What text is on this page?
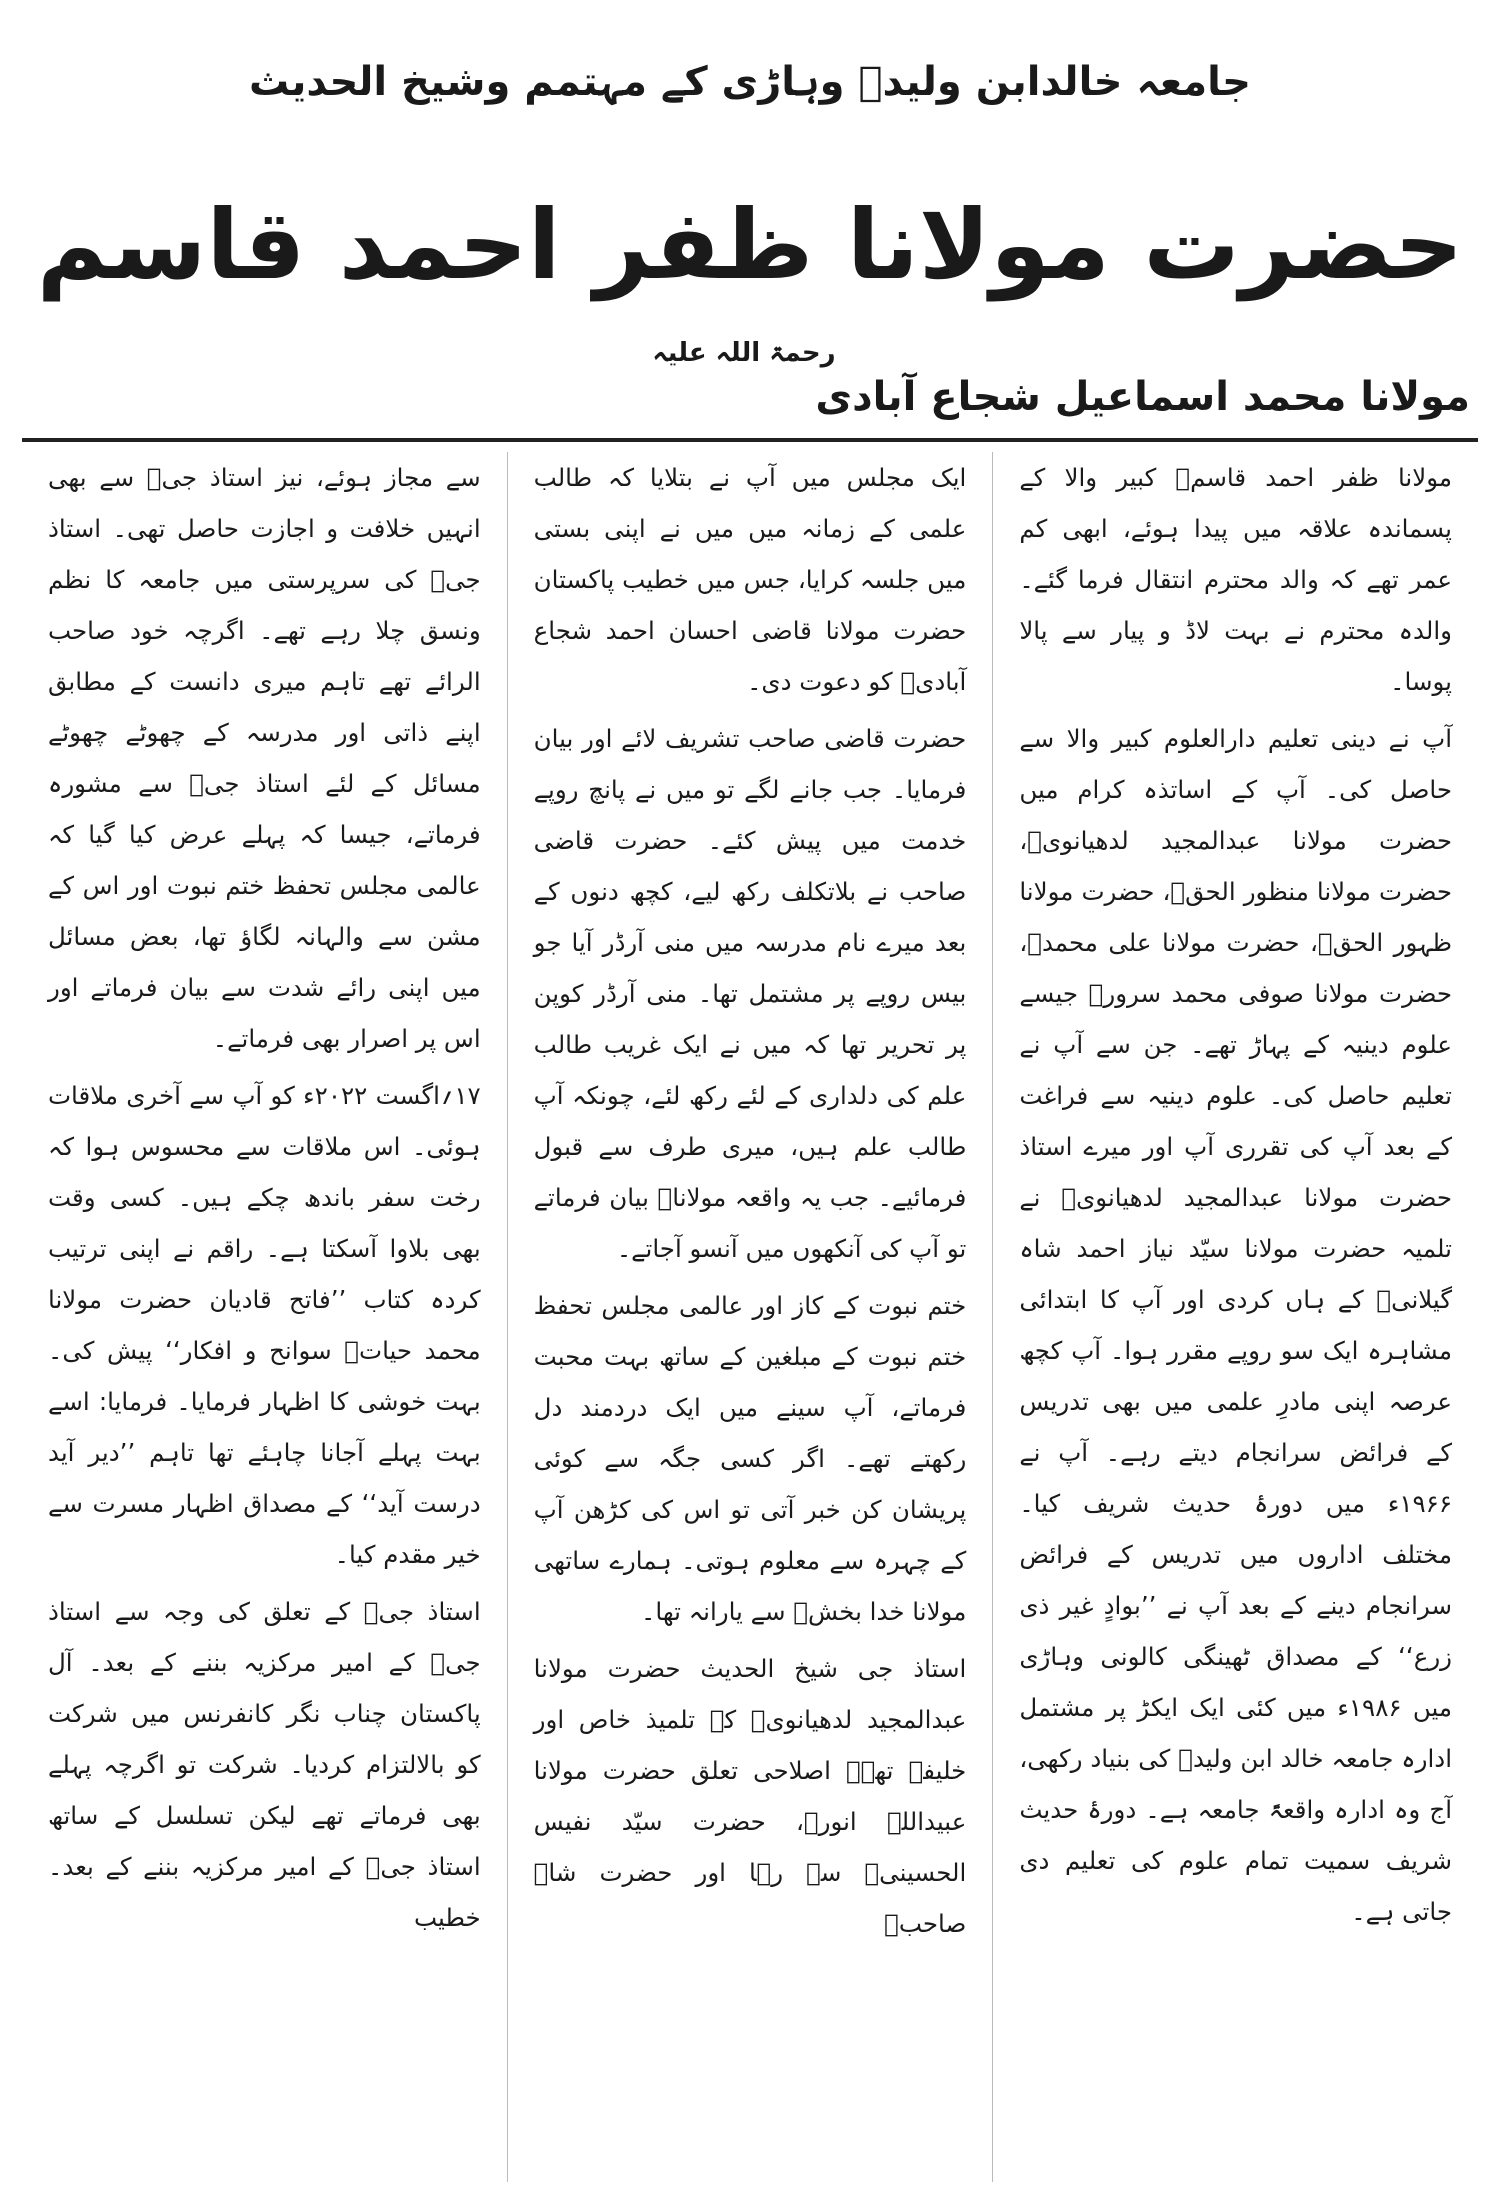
جامعہ خالدابن ولیدؓ وہاڑی کے مہتمم وشیخ الحدیث
حضرت مولانا ظفر احمد قاسمرحمۃ اللہ علیہ
مولانا محمد اسماعیل شجاع آبادی

مولانا ظفر احمد قاسمؒ کبیر والا کے پسماندہ علاقہ میں پیدا ہوئے، ابھی کم عمر تھے کہ والد محترم انتقال فرما گئے۔ والدہ محترم نے بہت لاڈ و پیار سے پالا پوسا۔

آپ نے دینی تعلیم دارالعلوم کبیر والا سے حاصل کی۔ آپ کے اساتذہ کرام میں حضرت مولانا عبدالمجید لدھیانویؒ، حضرت مولانا منظور الحقؒ، حضرت مولانا ظہور الحقؒ، حضرت مولانا علی محمدؒ، حضرت مولانا صوفی محمد سرورؒ جیسے علوم دینیہ کے پہاڑ تھے۔ جن سے آپ نے تعلیم حاصل کی۔ علوم دینیہ سے فراغت کے بعد آپ کی تقرری آپ اور میرے استاذ حضرت مولانا عبدالمجید لدھیانویؒ نے تلمیہ حضرت مولانا سیّد نیاز احمد شاہ گیلانیؒ کے ہاں کردی اور آپ کا ابتدائی مشاہرہ ایک سو روپے مقرر ہوا۔ آپ کچھ عرصہ اپنی مادرِ علمی میں بھی تدریس کے فرائض سرانجام دیتے رہے۔ آپ نے ۱۹۶۶ء میں دورۂ حدیث شریف کیا۔ مختلف اداروں میں تدریس کے فرائض سرانجام دینے کے بعد آپ نے ’’بوادٍ غیر ذی زرع‘‘ کے مصداق ٹھینگی کالونی وہاڑی میں ۱۹۸۶ء میں کئی ایک ایکڑ پر مشتمل ادارہ جامعہ خالد ابن ولیدؓ کی بنیاد رکھی، آج وہ ادارہ واقعۃً جامعہ ہے۔ دورۂ حدیث شریف سمیت تمام علوم کی تعلیم دی جاتی ہے۔

ایک مجلس میں آپ نے بتلایا کہ طالب علمی کے زمانہ میں میں نے اپنی بستی میں جلسہ کرایا، جس میں خطیب پاکستان حضرت مولانا قاضی احسان احمد شجاع آبادیؒ کو دعوت دی۔

حضرت قاضی صاحب تشریف لائے اور بیان فرمایا۔ جب جانے لگے تو میں نے پانچ روپے خدمت میں پیش کئے۔ حضرت قاضی صاحب نے بلاتکلف رکھ لیے، کچھ دنوں کے بعد میرے نام مدرسہ میں منی آرڈر آیا جو بیس روپے پر مشتمل تھا۔ منی آرڈر کوپن پر تحریر تھا کہ میں نے ایک غریب طالب علم کی دلداری کے لئے رکھ لئے، چونکہ آپ طالب علم ہیں، میری طرف سے قبول فرمائیے۔ جب یہ واقعہ مولاناؒ بیان فرماتے تو آپ کی آنکھوں میں آنسو آجاتے۔

ختم نبوت کے کاز اور عالمی مجلس تحفظ ختم نبوت کے مبلغین کے ساتھ بہت محبت فرماتے، آپ سینے میں ایک دردمند دل رکھتے تھے۔ اگر کسی جگہ سے کوئی پریشان کن خبر آتی تو اس کی کڑھن آپ کے چہرہ سے معلوم ہوتی۔ ہمارے ساتھی مولانا خدا بخشؒ سے یارانہ تھا۔

استاذ جی شیخ الحدیث حضرت مولانا عبدالمجید لدھیانویؒ کے تلمیذ خاص اور خلیفہ تھے۔ اصلاحی تعلق حضرت مولانا عبیداللہ انورؒ، حضرت سیّد نفیس الحسینیؒ سے رہا اور حضرت شاہ صاحبؒ

سے مجاز ہوئے، نیز استاذ جیؒ سے بھی انہیں خلافت و اجازت حاصل تھی۔ استاذ جیؒ کی سرپرستی میں جامعہ کا نظم ونسق چلا رہے تھے۔ اگرچہ خود صاحب الرائے تھے تاہم میری دانست کے مطابق اپنے ذاتی اور مدرسہ کے چھوٹے چھوٹے مسائل کے لئے استاذ جیؒ سے مشورہ فرماتے، جیسا کہ پہلے عرض کیا گیا کہ عالمی مجلس تحفظ ختم نبوت اور اس کے مشن سے والہانہ لگاؤ تھا، بعض مسائل میں اپنی رائے شدت سے بیان فرماتے اور اس پر اصرار بھی فرماتے۔

۱۷؍اگست ۲۰۲۲ء کو آپ سے آخری ملاقات ہوئی۔ اس ملاقات سے محسوس ہوا کہ رخت سفر باندھ چکے ہیں۔ کسی وقت بھی بلاوا آسکتا ہے۔ راقم نے اپنی ترتیب کردہ کتاب ’’فاتح قادیان حضرت مولانا محمد حیاتؒ سوانح و افکار‘‘ پیش کی۔ بہت خوشی کا اظہار فرمایا۔ فرمایا: اسے بہت پہلے آجانا چاہئے تھا تاہم ’’دیر آید درست آید‘‘ کے مصداق اظہار مسرت سے خیر مقدم کیا۔

استاذ جیؒ کے تعلق کی وجہ سے استاذ جیؒ کے امیر مرکزیہ بننے کے بعد۔ آل پاکستان چناب نگر کانفرنس میں شرکت کو بالالتزام کردیا۔ شرکت تو اگرچہ پہلے بھی فرماتے تھے لیکن تسلسل کے ساتھ استاذ جیؒ کے امیر مرکزیہ بننے کے بعد۔ خطیب
